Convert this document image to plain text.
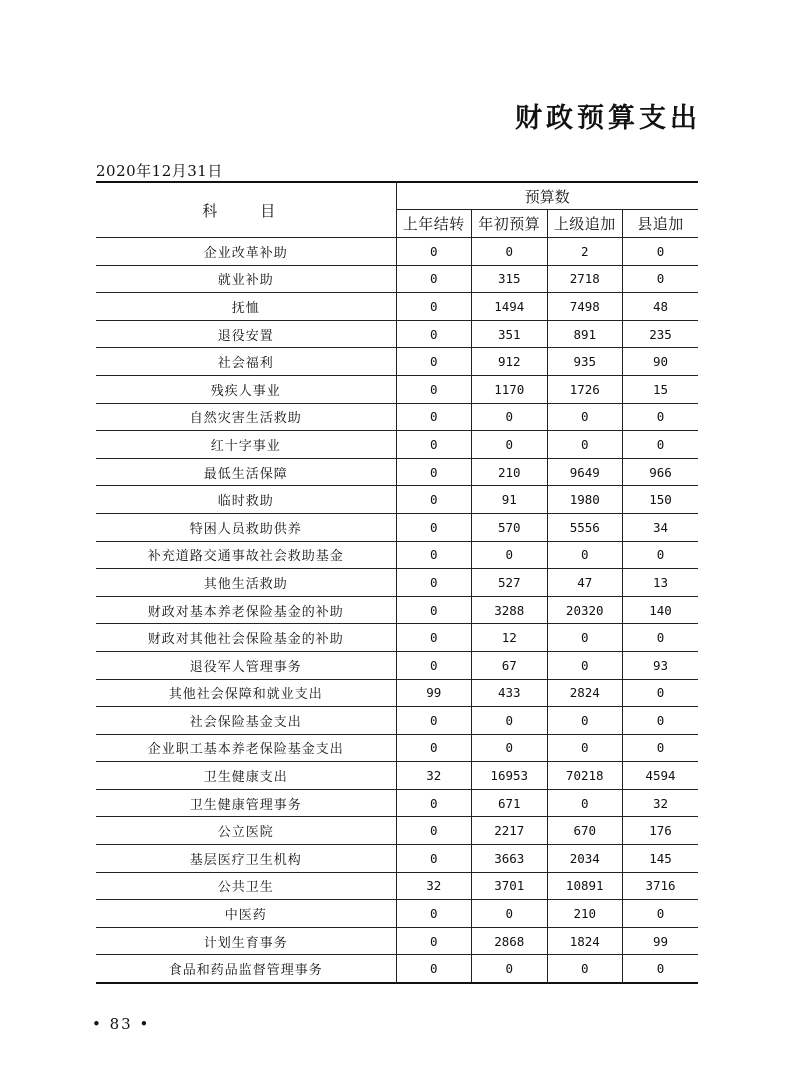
财政预算支出
2020年12月31日
科　目	预算数			
	上年结转	年初预算	上级追加	县追加
企业改革补助	0	0	2	0
就业补助	0	315	2718	0
抚恤	0	1494	7498	48
退役安置	0	351	891	235
社会福利	0	912	935	90
残疾人事业	0	1170	1726	15
自然灾害生活救助	0	0	0	0
红十字事业	0	0	0	0
最低生活保障	0	210	9649	966
临时救助	0	91	1980	150
特困人员救助供养	0	570	5556	34
补充道路交通事故社会救助基金	0	0	0	0
其他生活救助	0	527	47	13
财政对基本养老保险基金的补助	0	3288	20320	140
财政对其他社会保险基金的补助	0	12	0	0
退役军人管理事务	0	67	0	93
其他社会保障和就业支出	99	433	2824	0
社会保险基金支出	0	0	0	0
企业职工基本养老保险基金支出	0	0	0	0
卫生健康支出	32	16953	70218	4594
卫生健康管理事务	0	671	0	32
公立医院	0	2217	670	176
基层医疗卫生机构	0	3663	2034	145
公共卫生	32	3701	10891	3716
中医药	0	0	210	0
计划生育事务	0	2868	1824	99
食品和药品监督管理事务	0	0	0	0
• 83 •
